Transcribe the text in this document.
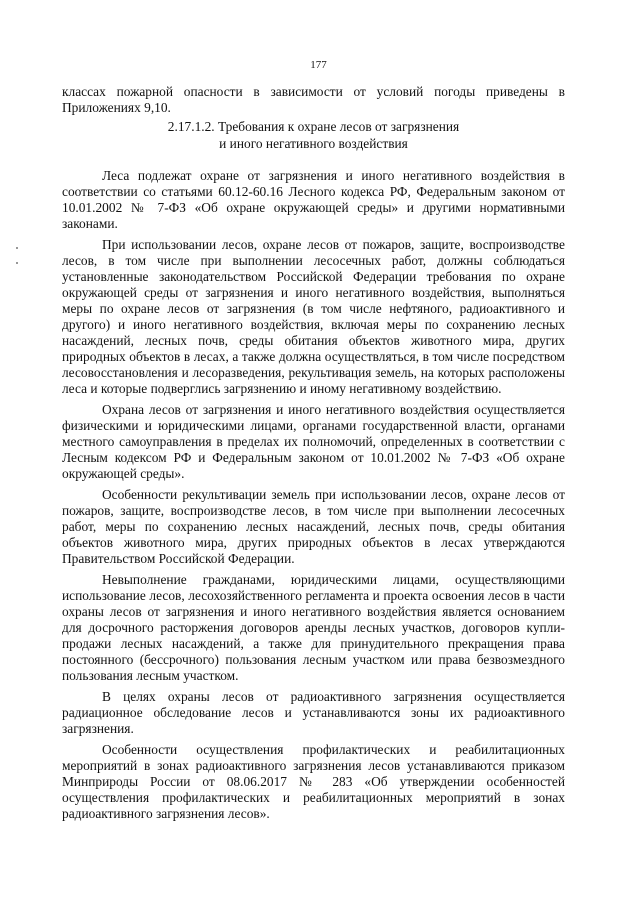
177

классах пожарной опасности в зависимости от условий погоды приведены в Приложениях 9,10.

2.17.1.2. Требования к охране лесов от загрязнения
и иного негативного воздействия

Леса подлежат охране от загрязнения и иного негативного воздействия в соответствии со статьями 60.12-60.16 Лесного кодекса РФ, Федеральным законом от 10.01.2002 № 7-ФЗ «Об охране окружающей среды» и другими нормативными законами.

При использовании лесов, охране лесов от пожаров, защите, воспроизводстве лесов, в том числе при выполнении лесосечных работ, должны соблюдаться установленные законодательством Российской Федерации требования по охране окружающей среды от загрязнения и иного негативного воздействия, выполняться меры по охране лесов от загрязнения (в том числе нефтяного, радиоактивного и другого) и иного негативного воздействия, включая меры по сохранению лесных насаждений, лесных почв, среды обитания объектов животного мира, других природных объектов в лесах, а также должна осуществляться, в том числе посредством лесовосстановления и лесоразведения, рекультивация земель, на которых расположены леса и которые подверглись загрязнению и иному негативному воздействию.

Охрана лесов от загрязнения и иного негативного воздействия осуществляется физическими и юридическими лицами, органами государственной власти, органами местного самоуправления в пределах их полномочий, определенных в соответствии с Лесным кодексом РФ и Федеральным законом от 10.01.2002 № 7-ФЗ «Об охране окружающей среды».

Особенности рекультивации земель при использовании лесов, охране лесов от пожаров, защите, воспроизводстве лесов, в том числе при выполнении лесосечных работ, меры по сохранению лесных насаждений, лесных почв, среды обитания объектов животного мира, других природных объектов в лесах утверждаются Правительством Российской Федерации.

Невыполнение гражданами, юридическими лицами, осуществляющими использование лесов, лесохозяйственного регламента и проекта освоения лесов в части охраны лесов от загрязнения и иного негативного воздействия является основанием для досрочного расторжения договоров аренды лесных участков, договоров купли-продажи лесных насаждений, а также для принудительного прекращения права постоянного (бессрочного) пользования лесным участком или права безвозмездного пользования лесным участком.

В целях охраны лесов от радиоактивного загрязнения осуществляется радиационное обследование лесов и устанавливаются зоны их радиоактивного загрязнения.

Особенности осуществления профилактических и реабилитационных мероприятий в зонах радиоактивного загрязнения лесов устанавливаются приказом Минприроды России от 08.06.2017 № 283 «Об утверждении особенностей осуществления профилактических и реабилитационных мероприятий в зонах радиоактивного загрязнения лесов».
